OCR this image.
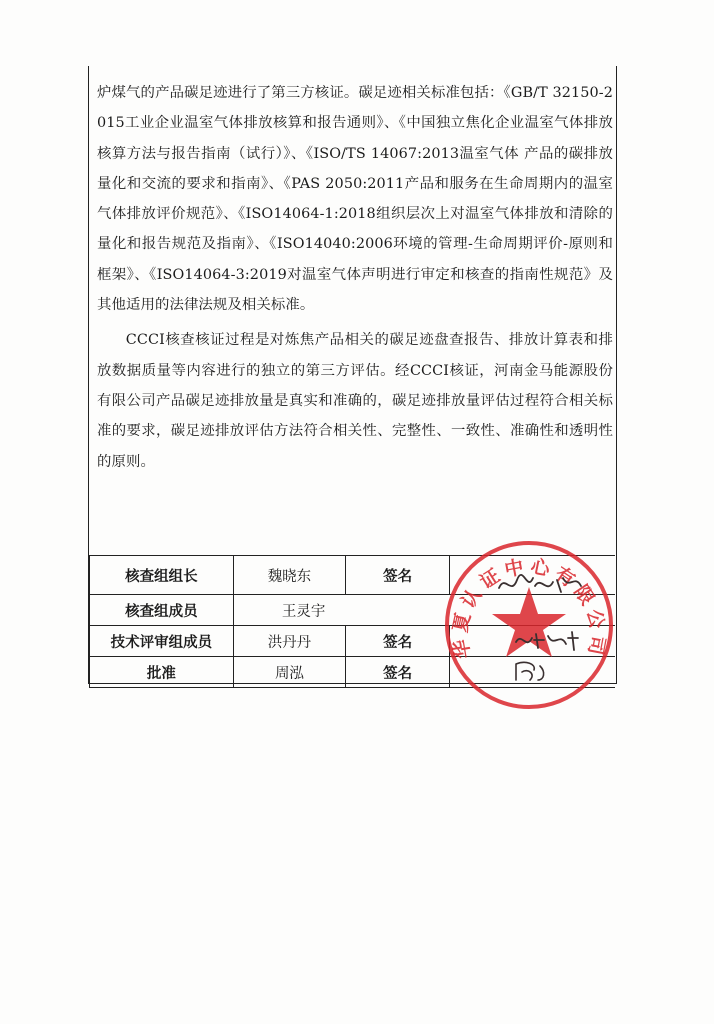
炉煤气的产品碳足迹进行了第三方核证。碳足迹相关标准包括：《GB/T 32150-2015工业企业温室气体排放核算和报告通则》、《中国独立焦化企业温室气体排放核算方法与报告指南（试行）》、《ISO/TS 14067:2013温室气体 产品的碳排放量化和交流的要求和指南》、《PAS 2050:2011产品和服务在生命周期内的温室气体排放评价规范》、《ISO14064-1:2018组织层次上对温室气体排放和清除的量化和报告规范及指南》、《ISO14040:2006环境的管理-生命周期评价-原则和框架》、《ISO14064-3:2019对温室气体声明进行审定和核查的指南性规范》及其他适用的法律法规及相关标准。

CCCI核查核证过程是对炼焦产品相关的碳足迹盘查报告、排放计算表和排放数据质量等内容进行的独立的第三方评估。经CCCI核证，河南金马能源股份有限公司产品碳足迹排放量是真实和准确的，碳足迹排放量评估过程符合相关标准的要求，碳足迹排放评估方法符合相关性、完整性、一致性、准确性和透明性的原则。

核查组组长	魏晓东	签名	
核查组成员	王灵宇		
技术评审组成员	洪丹丹	签名	
批准	周泓	签名	
华夏认证中心有限公司
